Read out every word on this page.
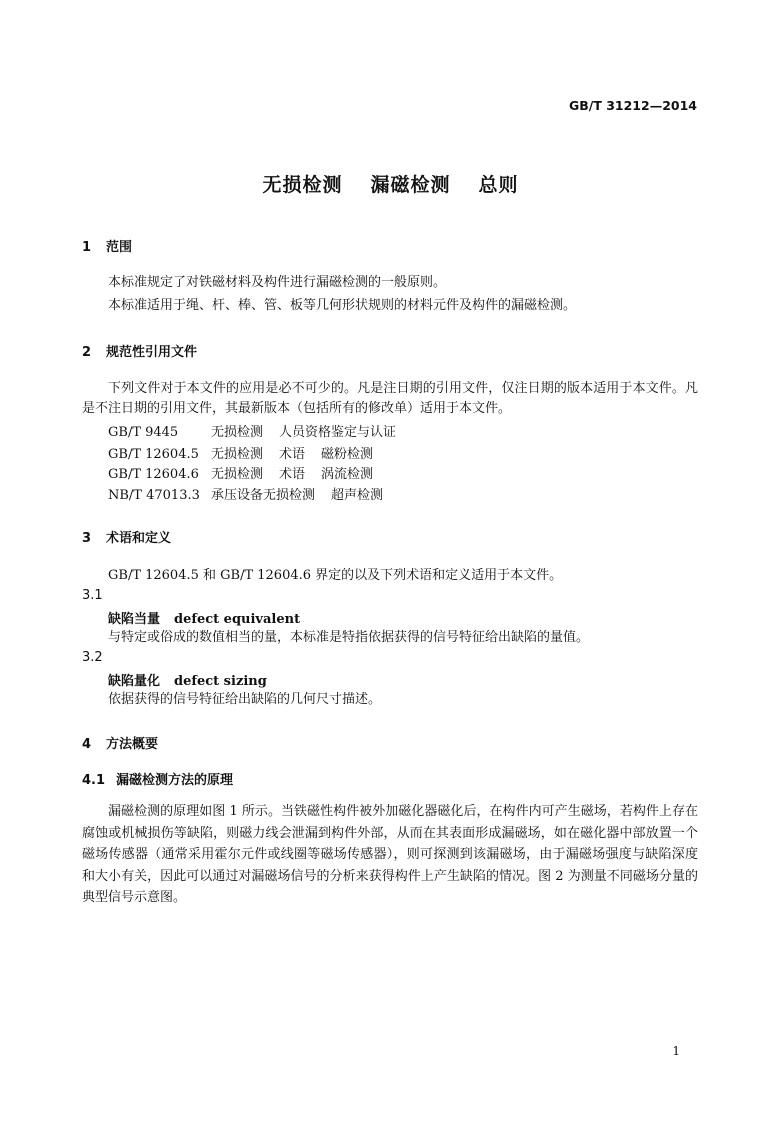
GB/T 31212—2014
无损检测 漏磁检测 总则
1 范围
本标准规定了对铁磁材料及构件进行漏磁检测的一般原则。
本标准适用于绳、杆、棒、管、板等几何形状规则的材料元件及构件的漏磁检测。
2 规范性引用文件
下列文件对于本文件的应用是必不可少的。凡是注日期的引用文件，仅注日期的版本适用于本文件。凡是不注日期的引用文件，其最新版本（包括所有的修改单）适用于本文件。
GB/T 9445	无损检测 人员资格鉴定与认证
GB/T 12604.5 无损检测 术语 磁粉检测
GB/T 12604.6 无损检测 术语 涡流检测
NB/T 47013.3 承压设备无损检测 超声检测
3 术语和定义
GB/T 12604.5 和 GB/T 12604.6 界定的以及下列术语和定义适用于本文件。
3.1
缺陷当量 defect equivalent
与特定或俗成的数值相当的量，本标准是特指依据获得的信号特征给出缺陷的量值。
3.2
缺陷量化 defect sizing
依据获得的信号特征给出缺陷的几何尺寸描述。
4 方法概要
4.1 漏磁检测方法的原理
漏磁检测的原理如图 1 所示。当铁磁性构件被外加磁化器磁化后，在构件内可产生磁场，若构件上存在腐蚀或机械损伤等缺陷，则磁力线会泄漏到构件外部，从而在其表面形成漏磁场，如在磁化器中部放置一个磁场传感器（通常采用霍尔元件或线圈等磁场传感器），则可探测到该漏磁场，由于漏磁场强度与缺陷深度和大小有关，因此可以通过对漏磁场信号的分析来获得构件上产生缺陷的情况。图 2 为测量不同磁场分量的典型信号示意图。
1
